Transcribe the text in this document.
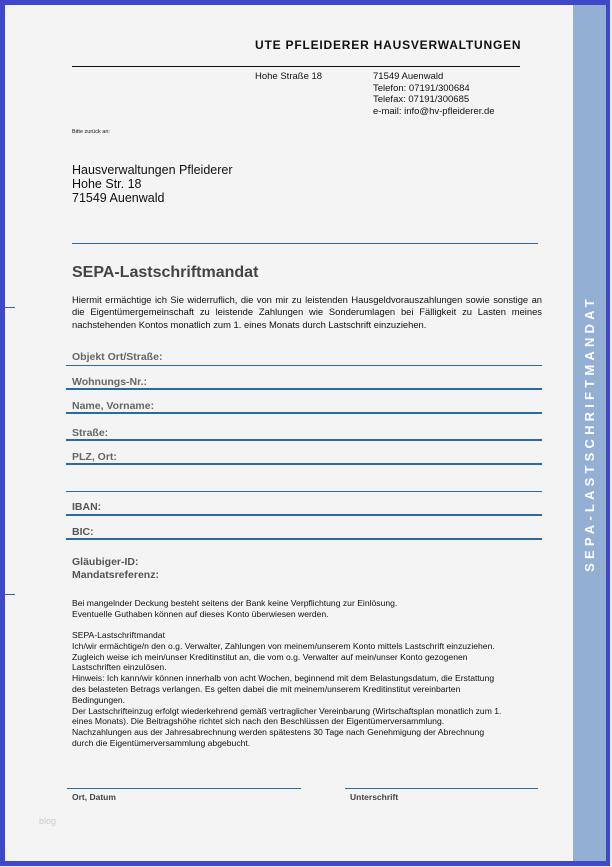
SEPA-LASTSCHRIFTMANDAT
UTE PFLEIDERER HAUSVERWALTUNGEN
Hohe Straße 18	71549 Auenwald
Telefon: 07191/300684
Telefax: 07191/300685
e-mail: info@hv-pfleiderer.de
Bitte zurück an:
Hausverwaltungen Pfleiderer
Hohe Str. 18
71549 Auenwald
SEPA-Lastschriftmandat
Hiermit ermächtige ich Sie widerruflich, die von mir zu leistenden Hausgeldvorauszahlungen sowie sonstige an die Eigentümergemeinschaft zu leistende Zahlungen wie Sonderumlagen bei Fälligkeit zu Lasten meines nachstehenden Kontos monatlich zum 1. eines Monats durch Lastschrift einzuziehen.
Objekt Ort/Straße:
Wohnungs-Nr.:
Name, Vorname:
Straße:
PLZ, Ort:
IBAN:
BIC:
Gläubiger-ID:
Mandatsreferenz:
Bei mangelnder Deckung besteht seitens der Bank keine Verpflichtung zur Einlösung.
Eventuelle Guthaben können auf dieses Konto überwiesen werden.
SEPA-Lastschriftmandat
Ich/wir ermächtige/n den o.g. Verwalter, Zahlungen von meinem/unserem Konto mittels Lastschrift einzuziehen.
Zugleich weise ich mein/unser Kreditinstitut an, die vom o.g. Verwalter auf mein/unser Konto gezogenen
Lastschriften einzulösen.
Hinweis: Ich kann/wir können innerhalb von acht Wochen, beginnend mit dem Belastungsdatum, die Erstattung
des belasteten Betrags verlangen. Es gelten dabei die mit meinem/unserem Kreditinstitut vereinbarten
Bedingungen.
Der Lastschrifteinzug erfolgt wiederkehrend gemäß vertraglicher Vereinbarung (Wirtschaftsplan monatlich zum 1.
eines Monats). Die Beitragshöhe richtet sich nach den Beschlüssen der Eigentümerversammlung.
Nachzahlungen aus der Jahresabrechnung werden spätestens 30 Tage nach Genehmigung der Abrechnung
durch die Eigentümerversammlung abgebucht.
Ort, Datum	Unterschrift
blog
